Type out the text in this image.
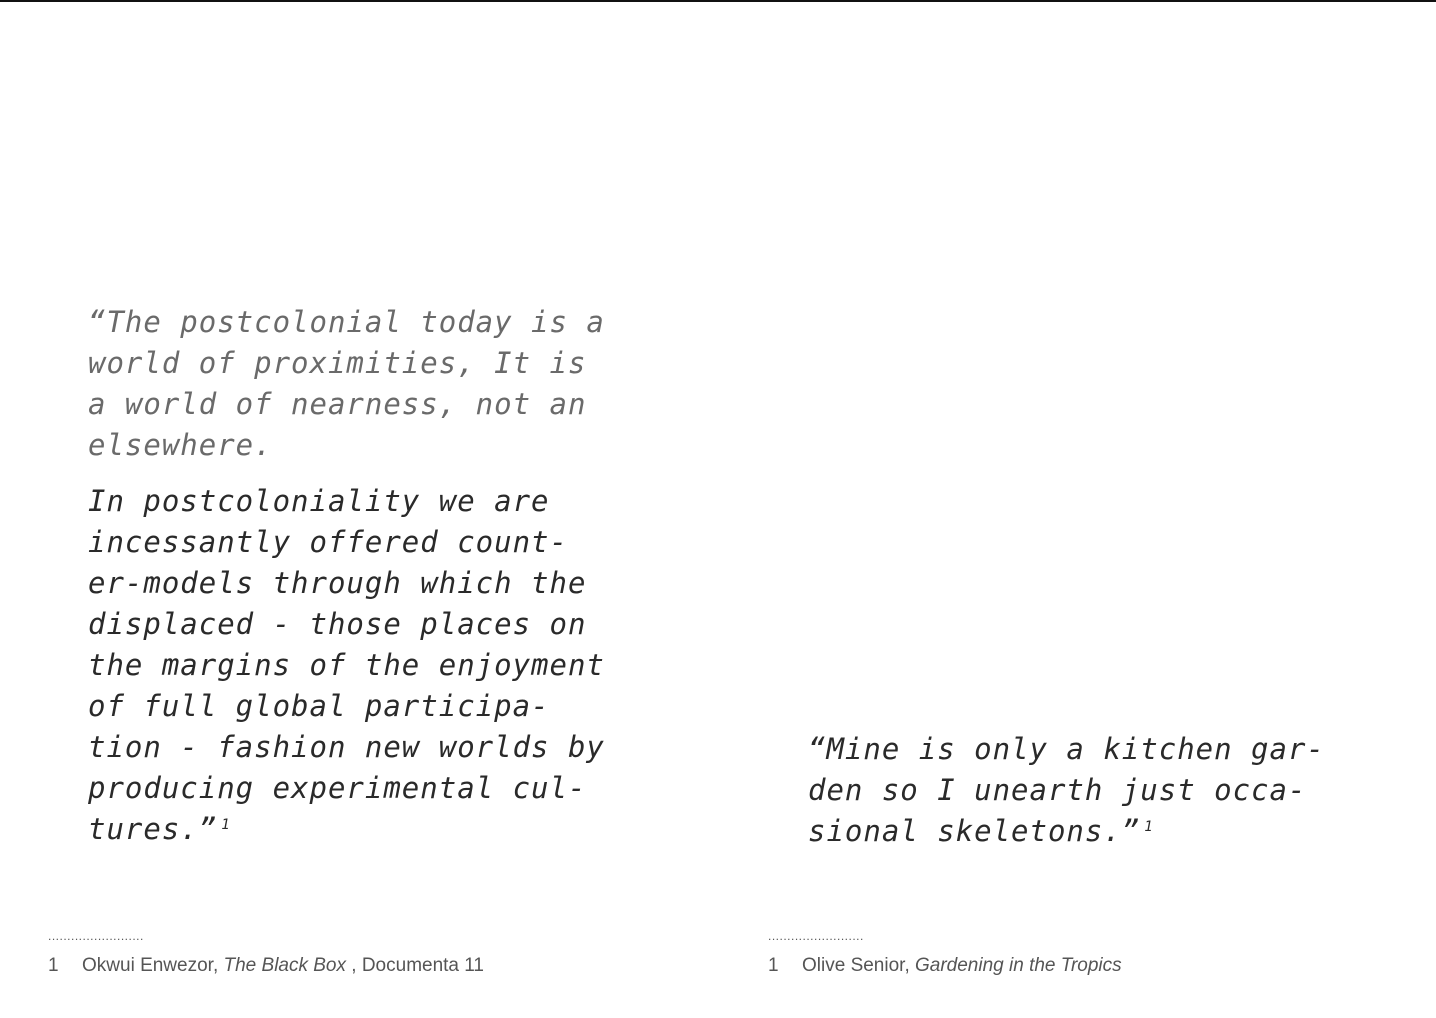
“The postcolonial today is a
world of proximities, It is
a world of nearness, not an
elsewhere.

In postcoloniality we are
incessantly offered count-
er-models through which the
displaced - those places on
the margins of the enjoyment
of full global participa-
tion - fashion new worlds by
producing experimental cul-
tures.” $^1$

“Mine is only a kitchen gar-
den so I unearth just occa-
sional skeletons.” $^1$

.........................
1 Okwui Enwezor, The Black Box , Documenta 11
.........................
1 Olive Senior, Gardening in the Tropics
